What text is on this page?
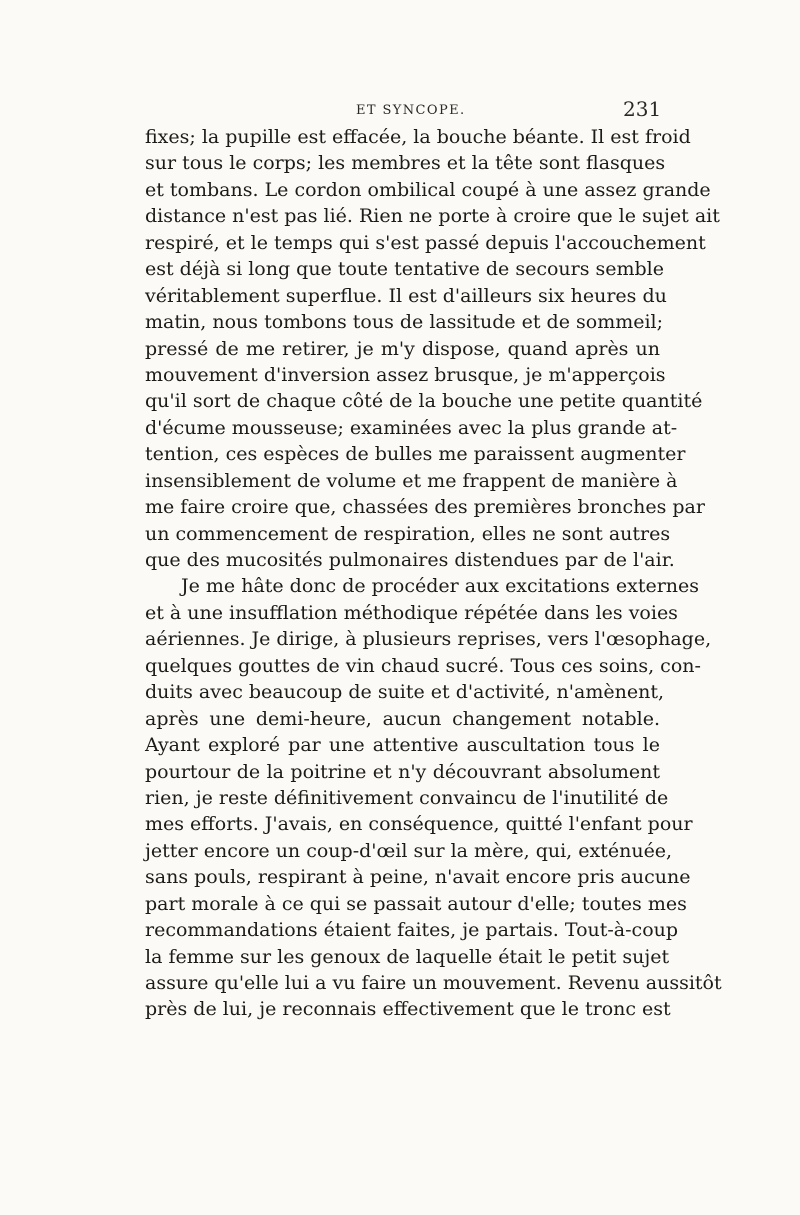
ET SYNCOPE.	231
fixes; la pupille est effacée, la bouche béante. Il est froid
sur tous le corps; les membres et la tête sont flasques
et tombans. Le cordon ombilical coupé à une assez grande
distance n'est pas lié. Rien ne porte à croire que le sujet ait
respiré, et le temps qui s'est passé depuis l'accouchement
est déjà si long que toute tentative de secours semble
véritablement superflue. Il est d'ailleurs six heures du
matin, nous tombons tous de lassitude et de sommeil;
pressé de me retirer, je m'y dispose, quand après un
mouvement d'inversion assez brusque, je m'apperçois
qu'il sort de chaque côté de la bouche une petite quantité
d'écume mousseuse; examinées avec la plus grande at-
tention, ces espèces de bulles me paraissent augmenter
insensiblement de volume et me frappent de manière à
me faire croire que, chassées des premières bronches par
un commencement de respiration, elles ne sont autres
que des mucosités pulmonaires distendues par de l'air.
Je me hâte donc de procéder aux excitations externes
et à une insufflation méthodique répétée dans les voies
aériennes. Je dirige, à plusieurs reprises, vers l'œsophage,
quelques gouttes de vin chaud sucré. Tous ces soins, con-
duits avec beaucoup de suite et d'activité, n'amènent,
après une demi-heure, aucun changement notable.
Ayant exploré par une attentive auscultation tous le
pourtour de la poitrine et n'y découvrant absolument
rien, je reste définitivement convaincu de l'inutilité de
mes efforts. J'avais, en conséquence, quitté l'enfant pour
jetter encore un coup-d'œil sur la mère, qui, exténuée,
sans pouls, respirant à peine, n'avait encore pris aucune
part morale à ce qui se passait autour d'elle; toutes mes
recommandations étaient faites, je partais. Tout-à-coup
la femme sur les genoux de laquelle était le petit sujet
assure qu'elle lui a vu faire un mouvement. Revenu aussitôt
près de lui, je reconnais effectivement que le tronc est
